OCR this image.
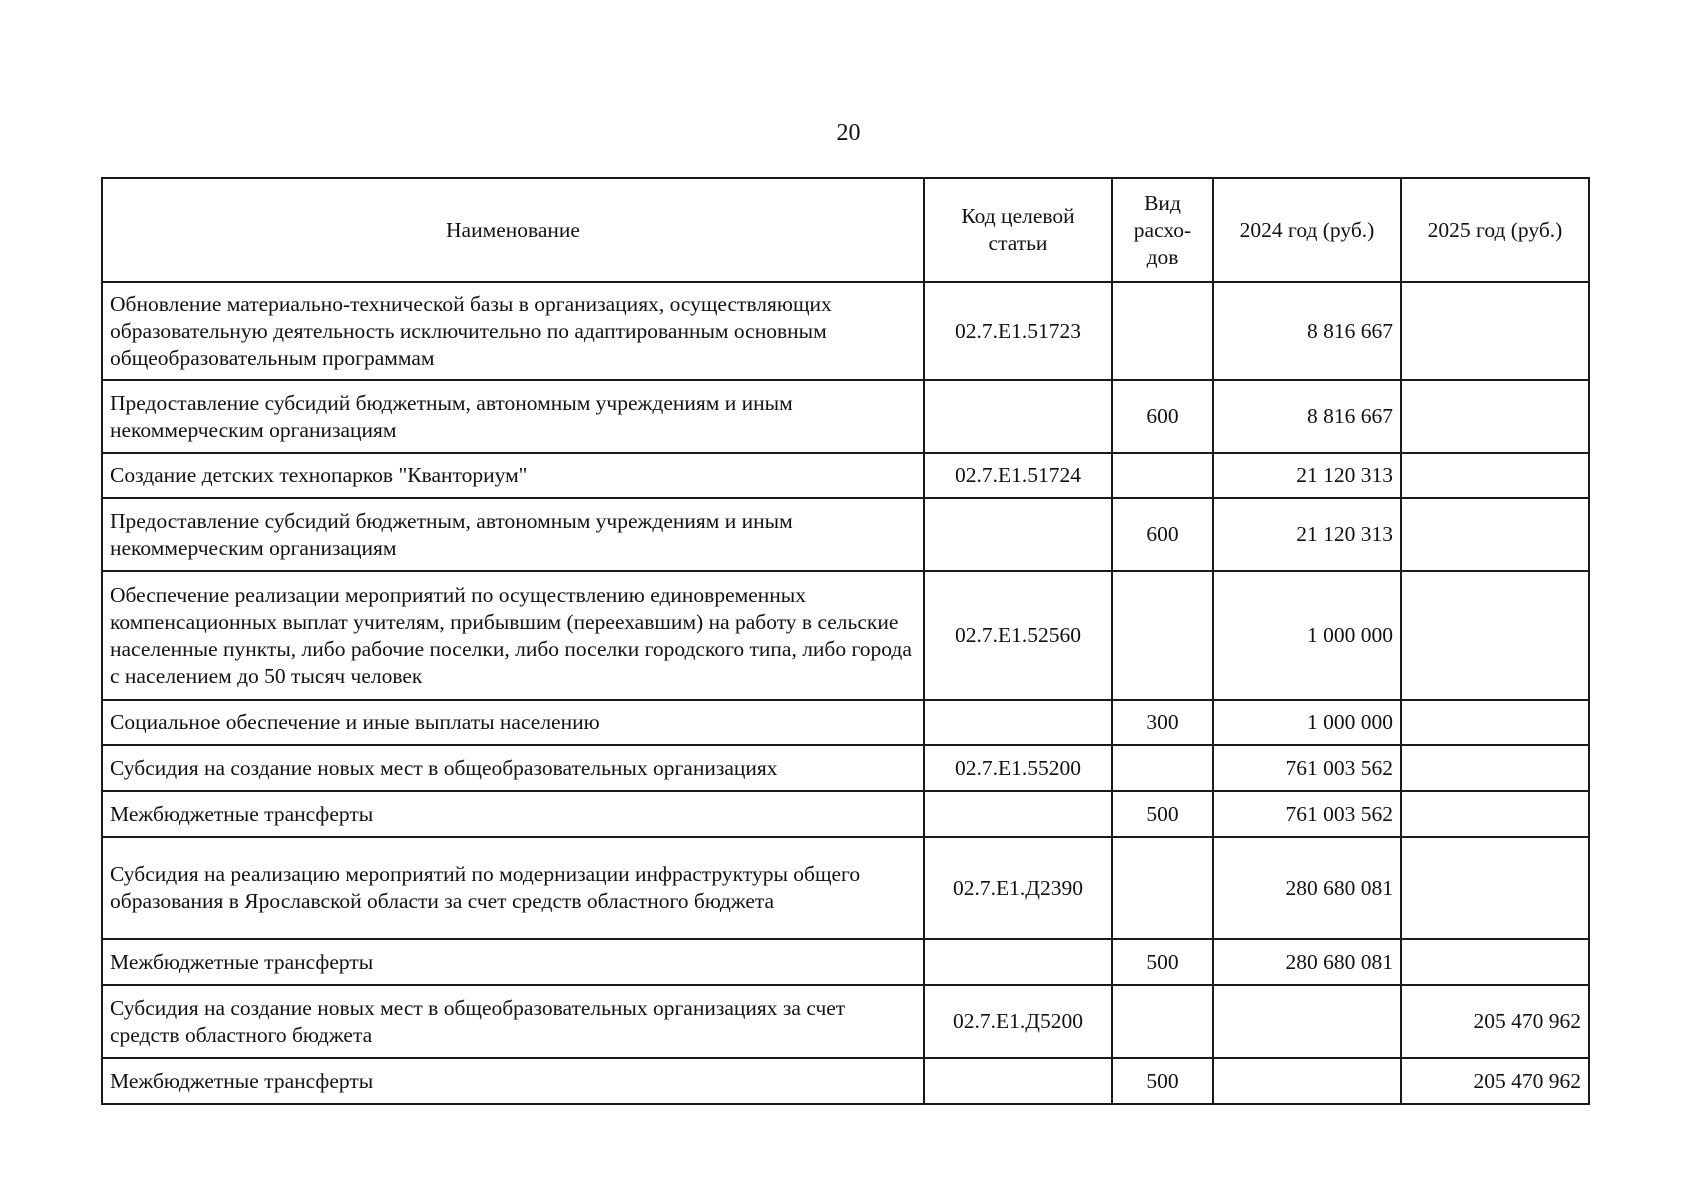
20
Наименование	Код целевой статьи	Вид расхо-дов	2024 год (руб.)	2025 год (руб.)
Обновление материально-технической базы в организациях, осуществляющих образовательную деятельность исключительно по адаптированным основным общеобразовательным программам	02.7.E1.51723		8 816 667	
Предоставление субсидий бюджетным, автономным учреждениям и иным некоммерческим организациям		600	8 816 667	
Создание детских технопарков "Кванториум"	02.7.E1.51724		21 120 313	
Предоставление субсидий бюджетным, автономным учреждениям и иным некоммерческим организациям		600	21 120 313	
Обеспечение реализации мероприятий по осуществлению единовременных компенсационных выплат учителям, прибывшим (переехавшим) на работу в сельские населенные пункты, либо рабочие поселки, либо поселки городского типа, либо города с населением до 50 тысяч человек	02.7.E1.52560		1 000 000	
Социальное обеспечение и иные выплаты населению		300	1 000 000	
Субсидия на создание новых мест в общеобразовательных организациях	02.7.E1.55200		761 003 562	
Межбюджетные трансферты		500	761 003 562	
Субсидия на реализацию мероприятий по модернизации инфраструктуры общего образования в Ярославской области за счет средств областного бюджета	02.7.E1.Д2390		280 680 081	
Межбюджетные трансферты		500	280 680 081	
Субсидия на создание новых мест в общеобразовательных организациях за счет средств областного бюджета	02.7.E1.Д5200			205 470 962
Межбюджетные трансферты		500		205 470 962
